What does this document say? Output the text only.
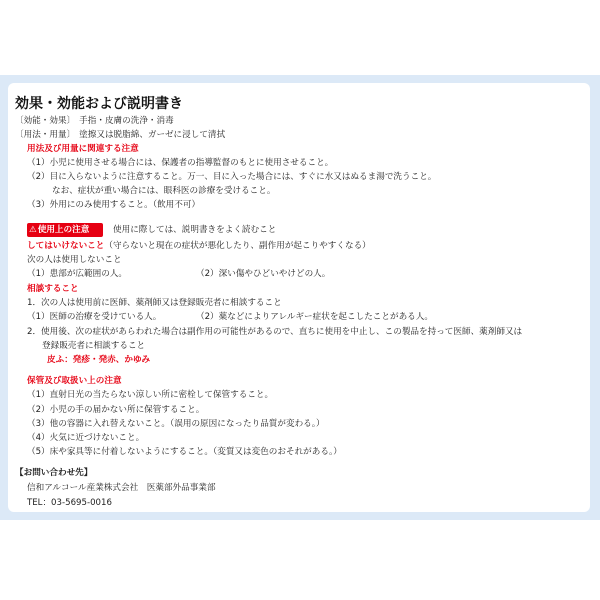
効果・効能および説明書き
〔効能・効果〕 手指・皮膚の洗浄・消毒
〔用法・用量〕 塗擦又は脱脂綿、ガーゼに浸して清拭
用法及び用量に関連する注意
（1）小児に使用させる場合には、保護者の指導監督のもとに使用させること。
（2）目に入らないように注意すること。万一、目に入った場合には、すぐに水又はぬるま湯で洗うこと。
なお、症状が重い場合には、眼科医の診療を受けること。
（3）外用にのみ使用すること。（飲用不可）
⚠使用上の注意	使用に際しては、説明書きをよく読むこと
してはいけないこと（守らないと現在の症状が悪化したり、副作用が起こりやすくなる）
次の人は使用しないこと
（1）患部が広範囲の人。	（2）深い傷やひどいやけどの人。
相談すること
1．次の人は使用前に医師、薬剤師又は登録販売者に相談すること
（1）医師の治療を受けている人。	（2）薬などによりアレルギー症状を起こしたことがある人。
2．使用後、次の症状があらわれた場合は副作用の可能性があるので、直ちに使用を中止し、この製品を持って医師、薬剤師又は
登録販売者に相談すること
皮ふ：発疹・発赤、かゆみ
保管及び取扱い上の注意
（1）直射日光の当たらない涼しい所に密栓して保管すること。
（2）小児の手の届かない所に保管すること。
（3）他の容器に入れ替えないこと。（誤用の原因になったり品質が変わる。）
（4）火気に近づけないこと。
（5）床や家具等に付着しないようにすること。（変質又は変色のおそれがある。）
【お問い合わせ先】
信和アルコール産業株式会社　医薬部外品事業部
TEL：03-5695-0016
